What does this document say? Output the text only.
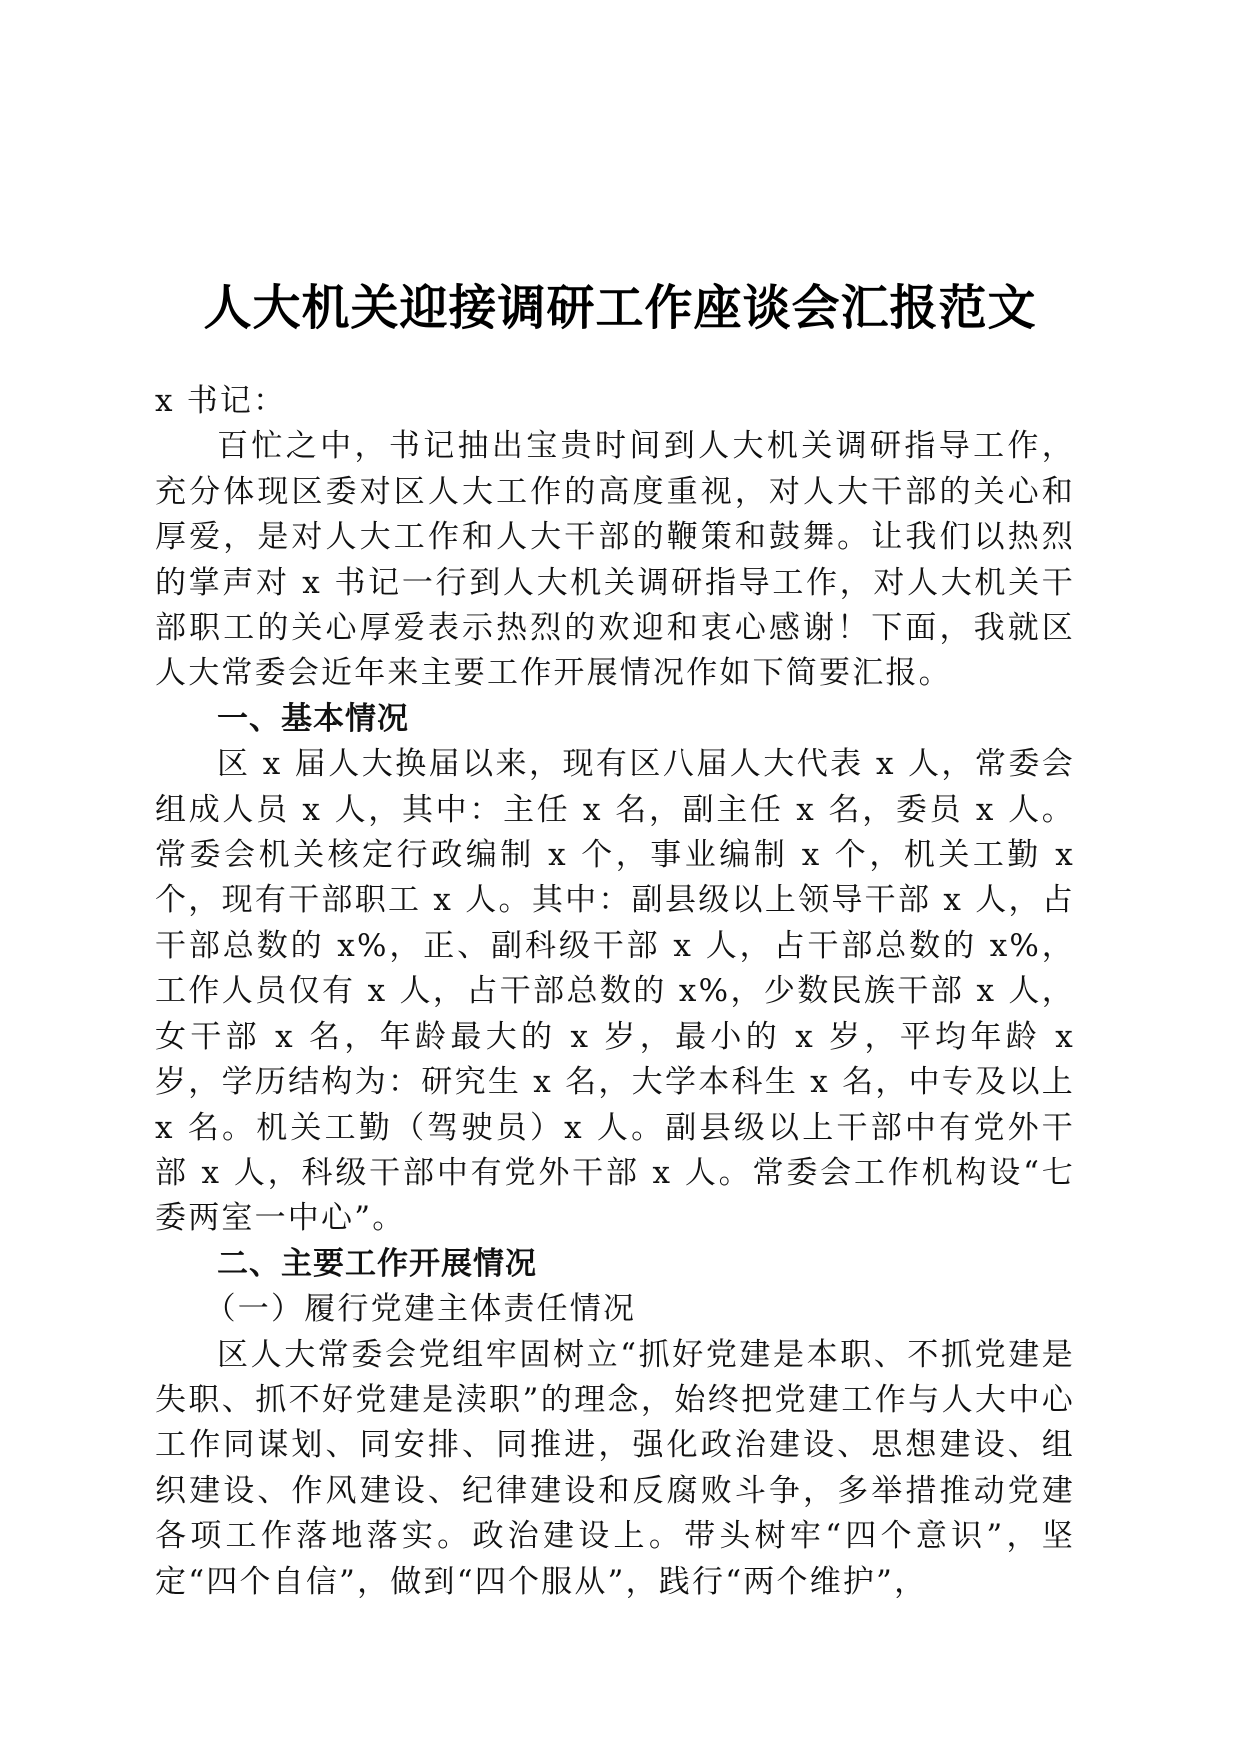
人大机关迎接调研工作座谈会汇报范文

x 书记：

百忙之中，书记抽出宝贵时间到人大机关调研指导工作，充分体现区委对区人大工作的高度重视，对人大干部的关心和厚爱，是对人大工作和人大干部的鞭策和鼓舞。让我们以热烈的掌声对 x 书记一行到人大机关调研指导工作，对人大机关干部职工的关心厚爱表示热烈的欢迎和衷心感谢！下面，我就区人大常委会近年来主要工作开展情况作如下简要汇报。

一、基本情况

区 x 届人大换届以来，现有区八届人大代表 x 人，常委会组成人员 x 人，其中：主任 x 名，副主任 x 名，委员 x 人。常委会机关核定行政编制 x 个，事业编制 x 个，机关工勤 x 个，现有干部职工 x 人。其中：副县级以上领导干部 x 人，占干部总数的 x%，正、副科级干部 x 人，占干部总数的 x%，工作人员仅有 x 人，占干部总数的 x%，少数民族干部 x 人，女干部 x 名，年龄最大的 x 岁，最小的 x 岁，平均年龄 x 岁，学历结构为：研究生 x 名，大学本科生 x 名，中专及以上 x 名。机关工勤（驾驶员）x 人。副县级以上干部中有党外干部 x 人，科级干部中有党外干部 x 人。常委会工作机构设“七委两室一中心”。

二、主要工作开展情况

（一）履行党建主体责任情况

区人大常委会党组牢固树立“抓好党建是本职、不抓党建是失职、抓不好党建是渎职”的理念，始终把党建工作与人大中心工作同谋划、同安排、同推进，强化政治建设、思想建设、组织建设、作风建设、纪律建设和反腐败斗争，多举措推动党建各项工作落地落实。政治建设上。带头树牢“四个意识”，坚定“四个自信”，做到“四个服从”，践行“两个维护”，
